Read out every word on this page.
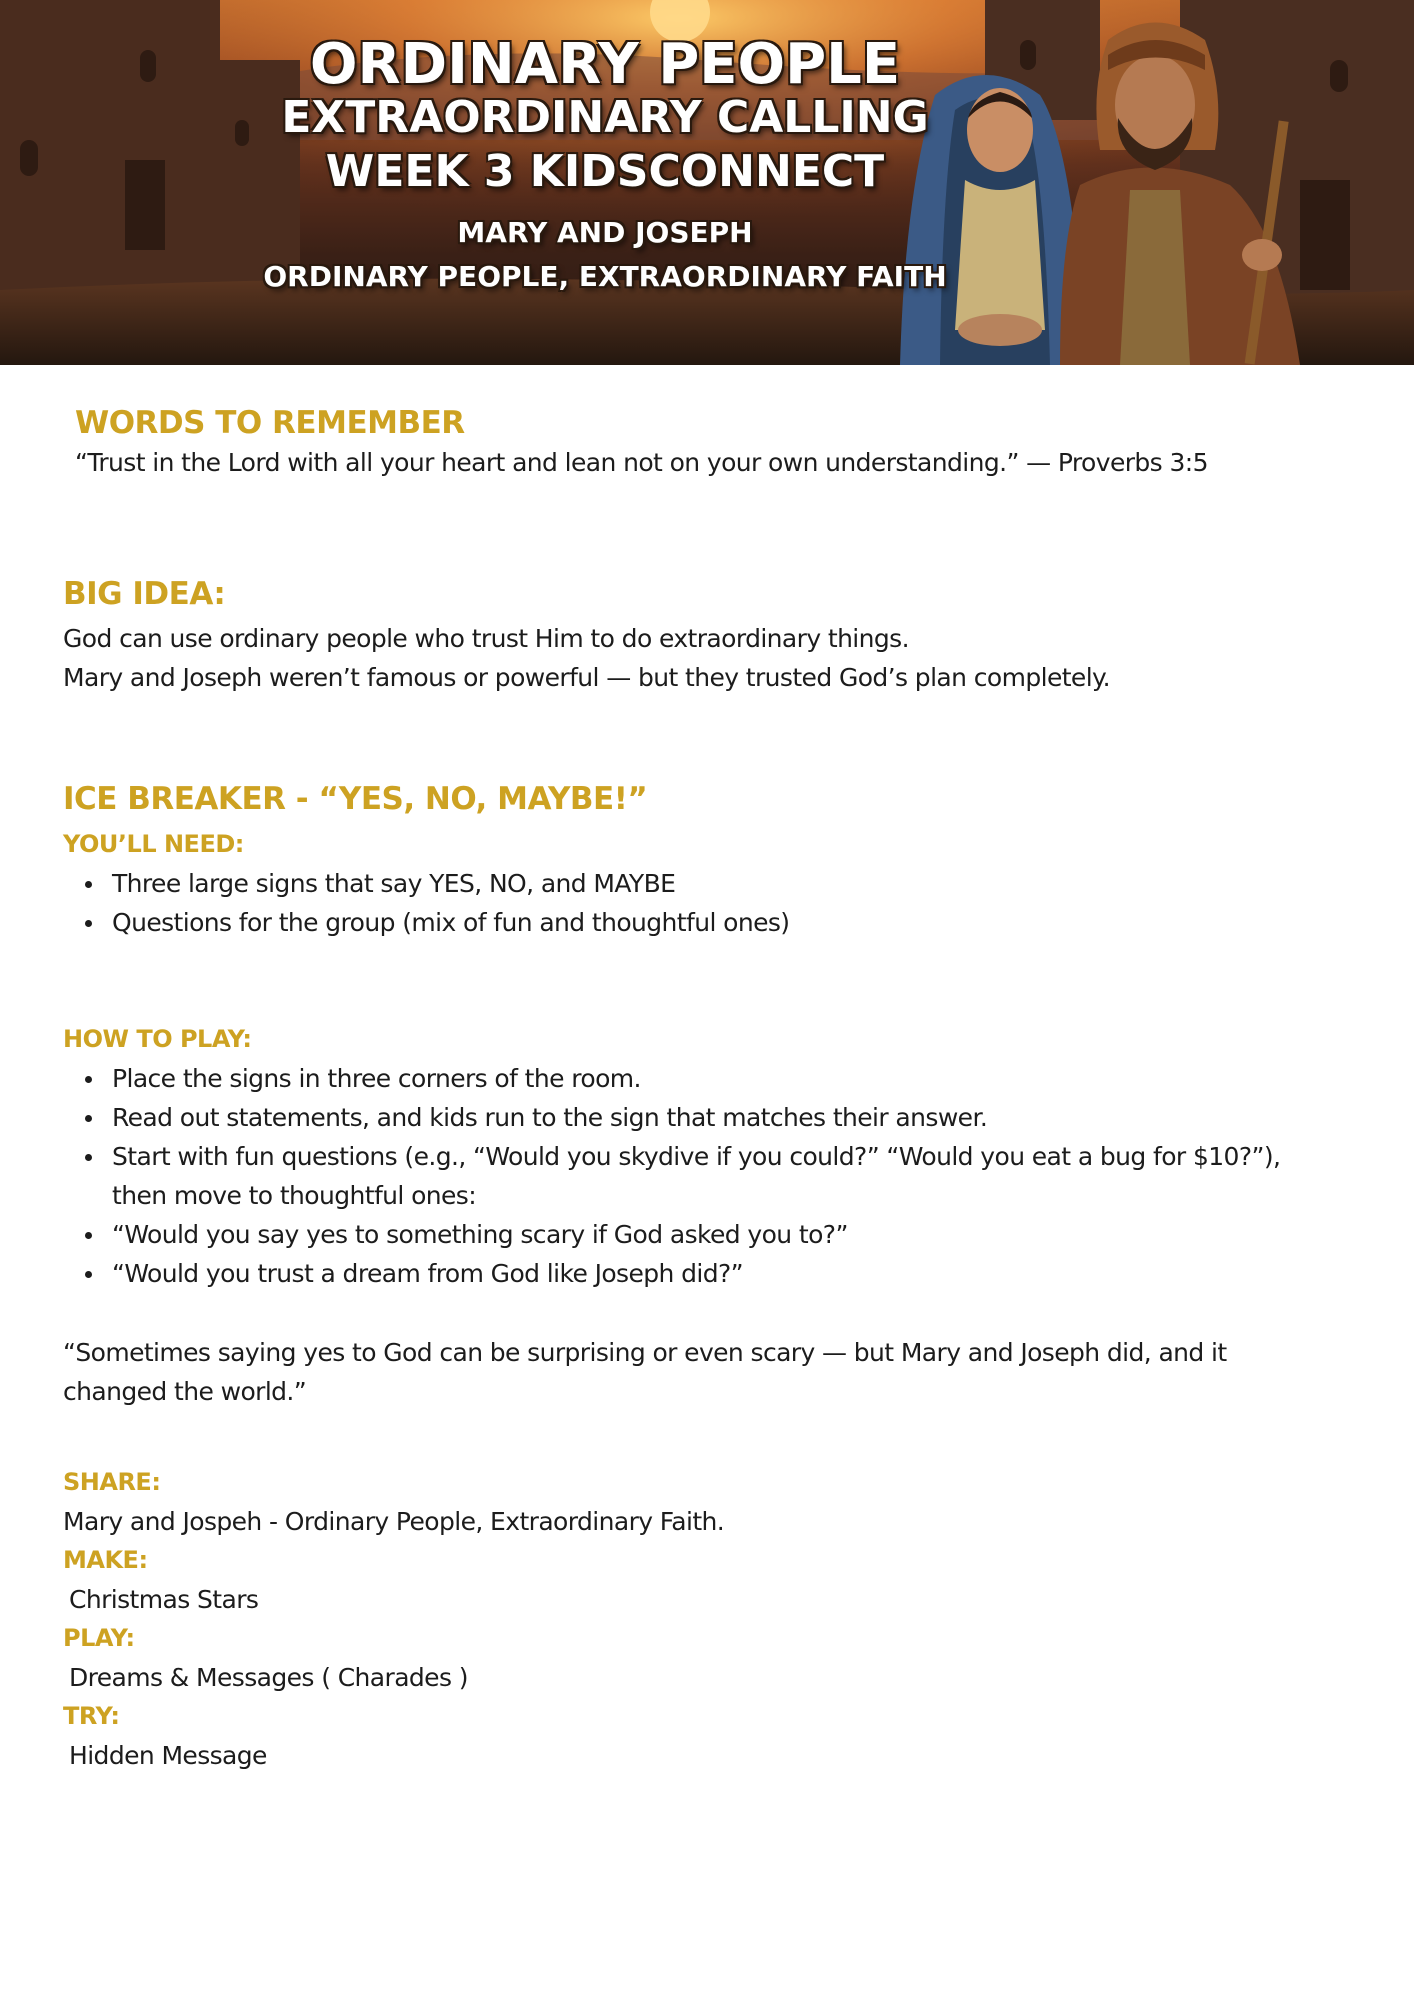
ORDINARY PEOPLE
EXTRAORDINARY CALLING
WEEK 3 KIDSCONNECT
MARY AND JOSEPH
ORDINARY PEOPLE, EXTRAORDINARY FAITH
WORDS TO REMEMBER
“Trust in the Lord with all your heart and lean not on your own understanding.” — Proverbs 3:5
BIG IDEA:
God can use ordinary people who trust Him to do extraordinary things.
Mary and Joseph weren’t famous or powerful — but they trusted God’s plan completely.
ICE BREAKER - “YES, NO, MAYBE!”
YOU’LL NEED:
Three large signs that say YES, NO, and MAYBE
Questions for the group (mix of fun and thoughtful ones)
HOW TO PLAY:
Place the signs in three corners of the room.
Read out statements, and kids run to the sign that matches their answer.
Start with fun questions (e.g., “Would you skydive if you could?” “Would you eat a bug for $10?”),
then move to thoughtful ones:
“Would you say yes to something scary if God asked you to?”
“Would you trust a dream from God like Joseph did?”
“Sometimes saying yes to God can be surprising or even scary — but Mary and Joseph did, and it
changed the world.”
SHARE:
Mary and Jospeh - Ordinary People, Extraordinary Faith.
MAKE:
Christmas Stars
PLAY:
Dreams & Messages ( Charades )
TRY:
Hidden Message
